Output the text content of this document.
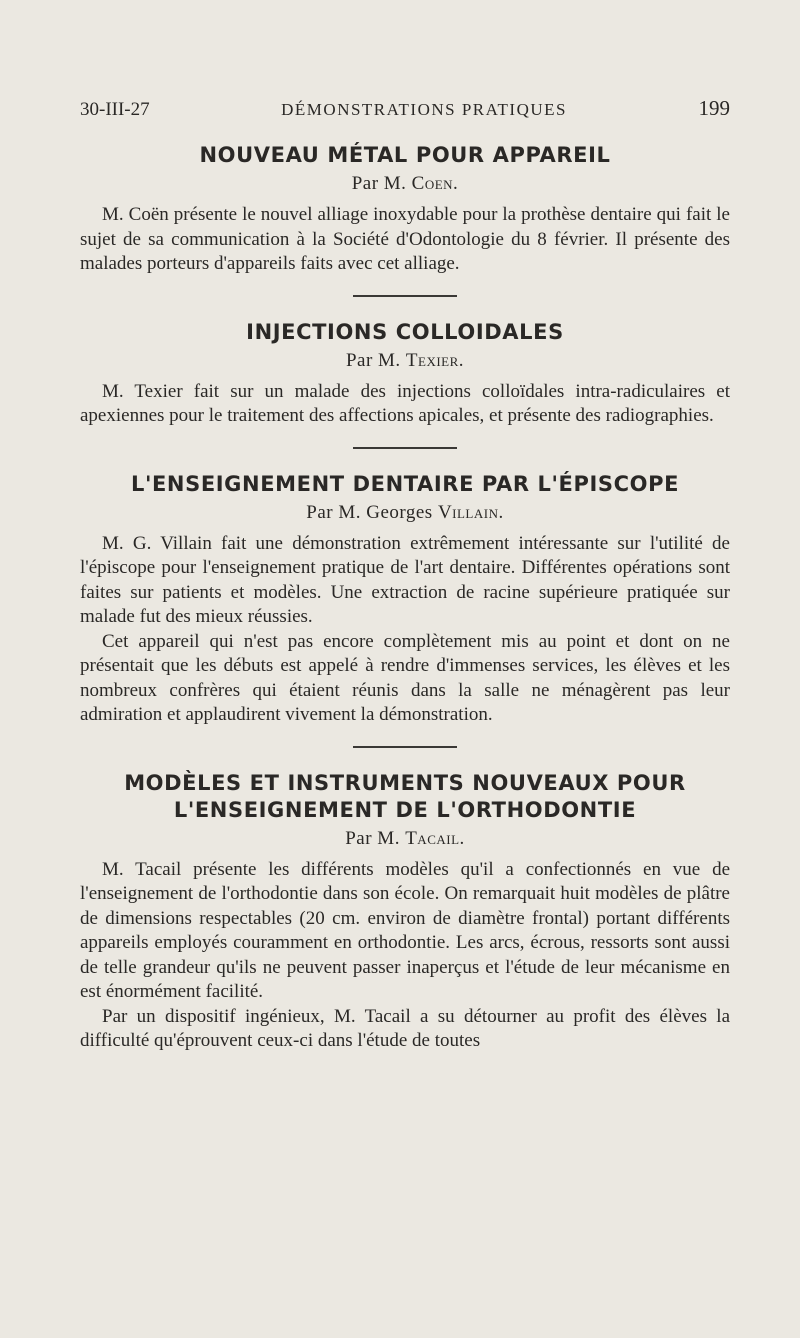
30-III-27	DÉMONSTRATIONS PRATIQUES	199
NOUVEAU MÉTAL POUR APPAREIL
Par M. Coen.

M. Coën présente le nouvel alliage inoxydable pour la prothèse dentaire qui fait le sujet de sa communication à la Société d'Odontologie du 8 février. Il présente des malades porteurs d'appareils faits avec cet alliage.

INJECTIONS COLLOIDALES
Par M. Texier.

M. Texier fait sur un malade des injections colloïdales intra-radiculaires et apexiennes pour le traitement des affections apicales, et présente des radiographies.

L'ENSEIGNEMENT DENTAIRE PAR L'ÉPISCOPE
Par M. Georges Villain.

M. G. Villain fait une démonstration extrêmement intéressante sur l'utilité de l'épiscope pour l'enseignement pratique de l'art dentaire. Différentes opérations sont faites sur patients et modèles. Une extraction de racine supérieure pratiquée sur malade fut des mieux réussies.

Cet appareil qui n'est pas encore complètement mis au point et dont on ne présentait que les débuts est appelé à rendre d'immenses services, les élèves et les nombreux confrères qui étaient réunis dans la salle ne ménagèrent pas leur admiration et applaudirent vivement la démonstration.

MODÈLES ET INSTRUMENTS NOUVEAUX POUR L'ENSEIGNEMENT DE L'ORTHODONTIE
Par M. Tacail.

M. Tacail présente les différents modèles qu'il a confectionnés en vue de l'enseignement de l'orthodontie dans son école. On remarquait huit modèles de plâtre de dimensions respectables (20 cm. environ de diamètre frontal) portant différents appareils employés couramment en orthodontie. Les arcs, écrous, ressorts sont aussi de telle grandeur qu'ils ne peuvent passer inaperçus et l'étude de leur mécanisme en est énormément facilité.

Par un dispositif ingénieux, M. Tacail a su détourner au profit des élèves la difficulté qu'éprouvent ceux-ci dans l'étude de toutes
